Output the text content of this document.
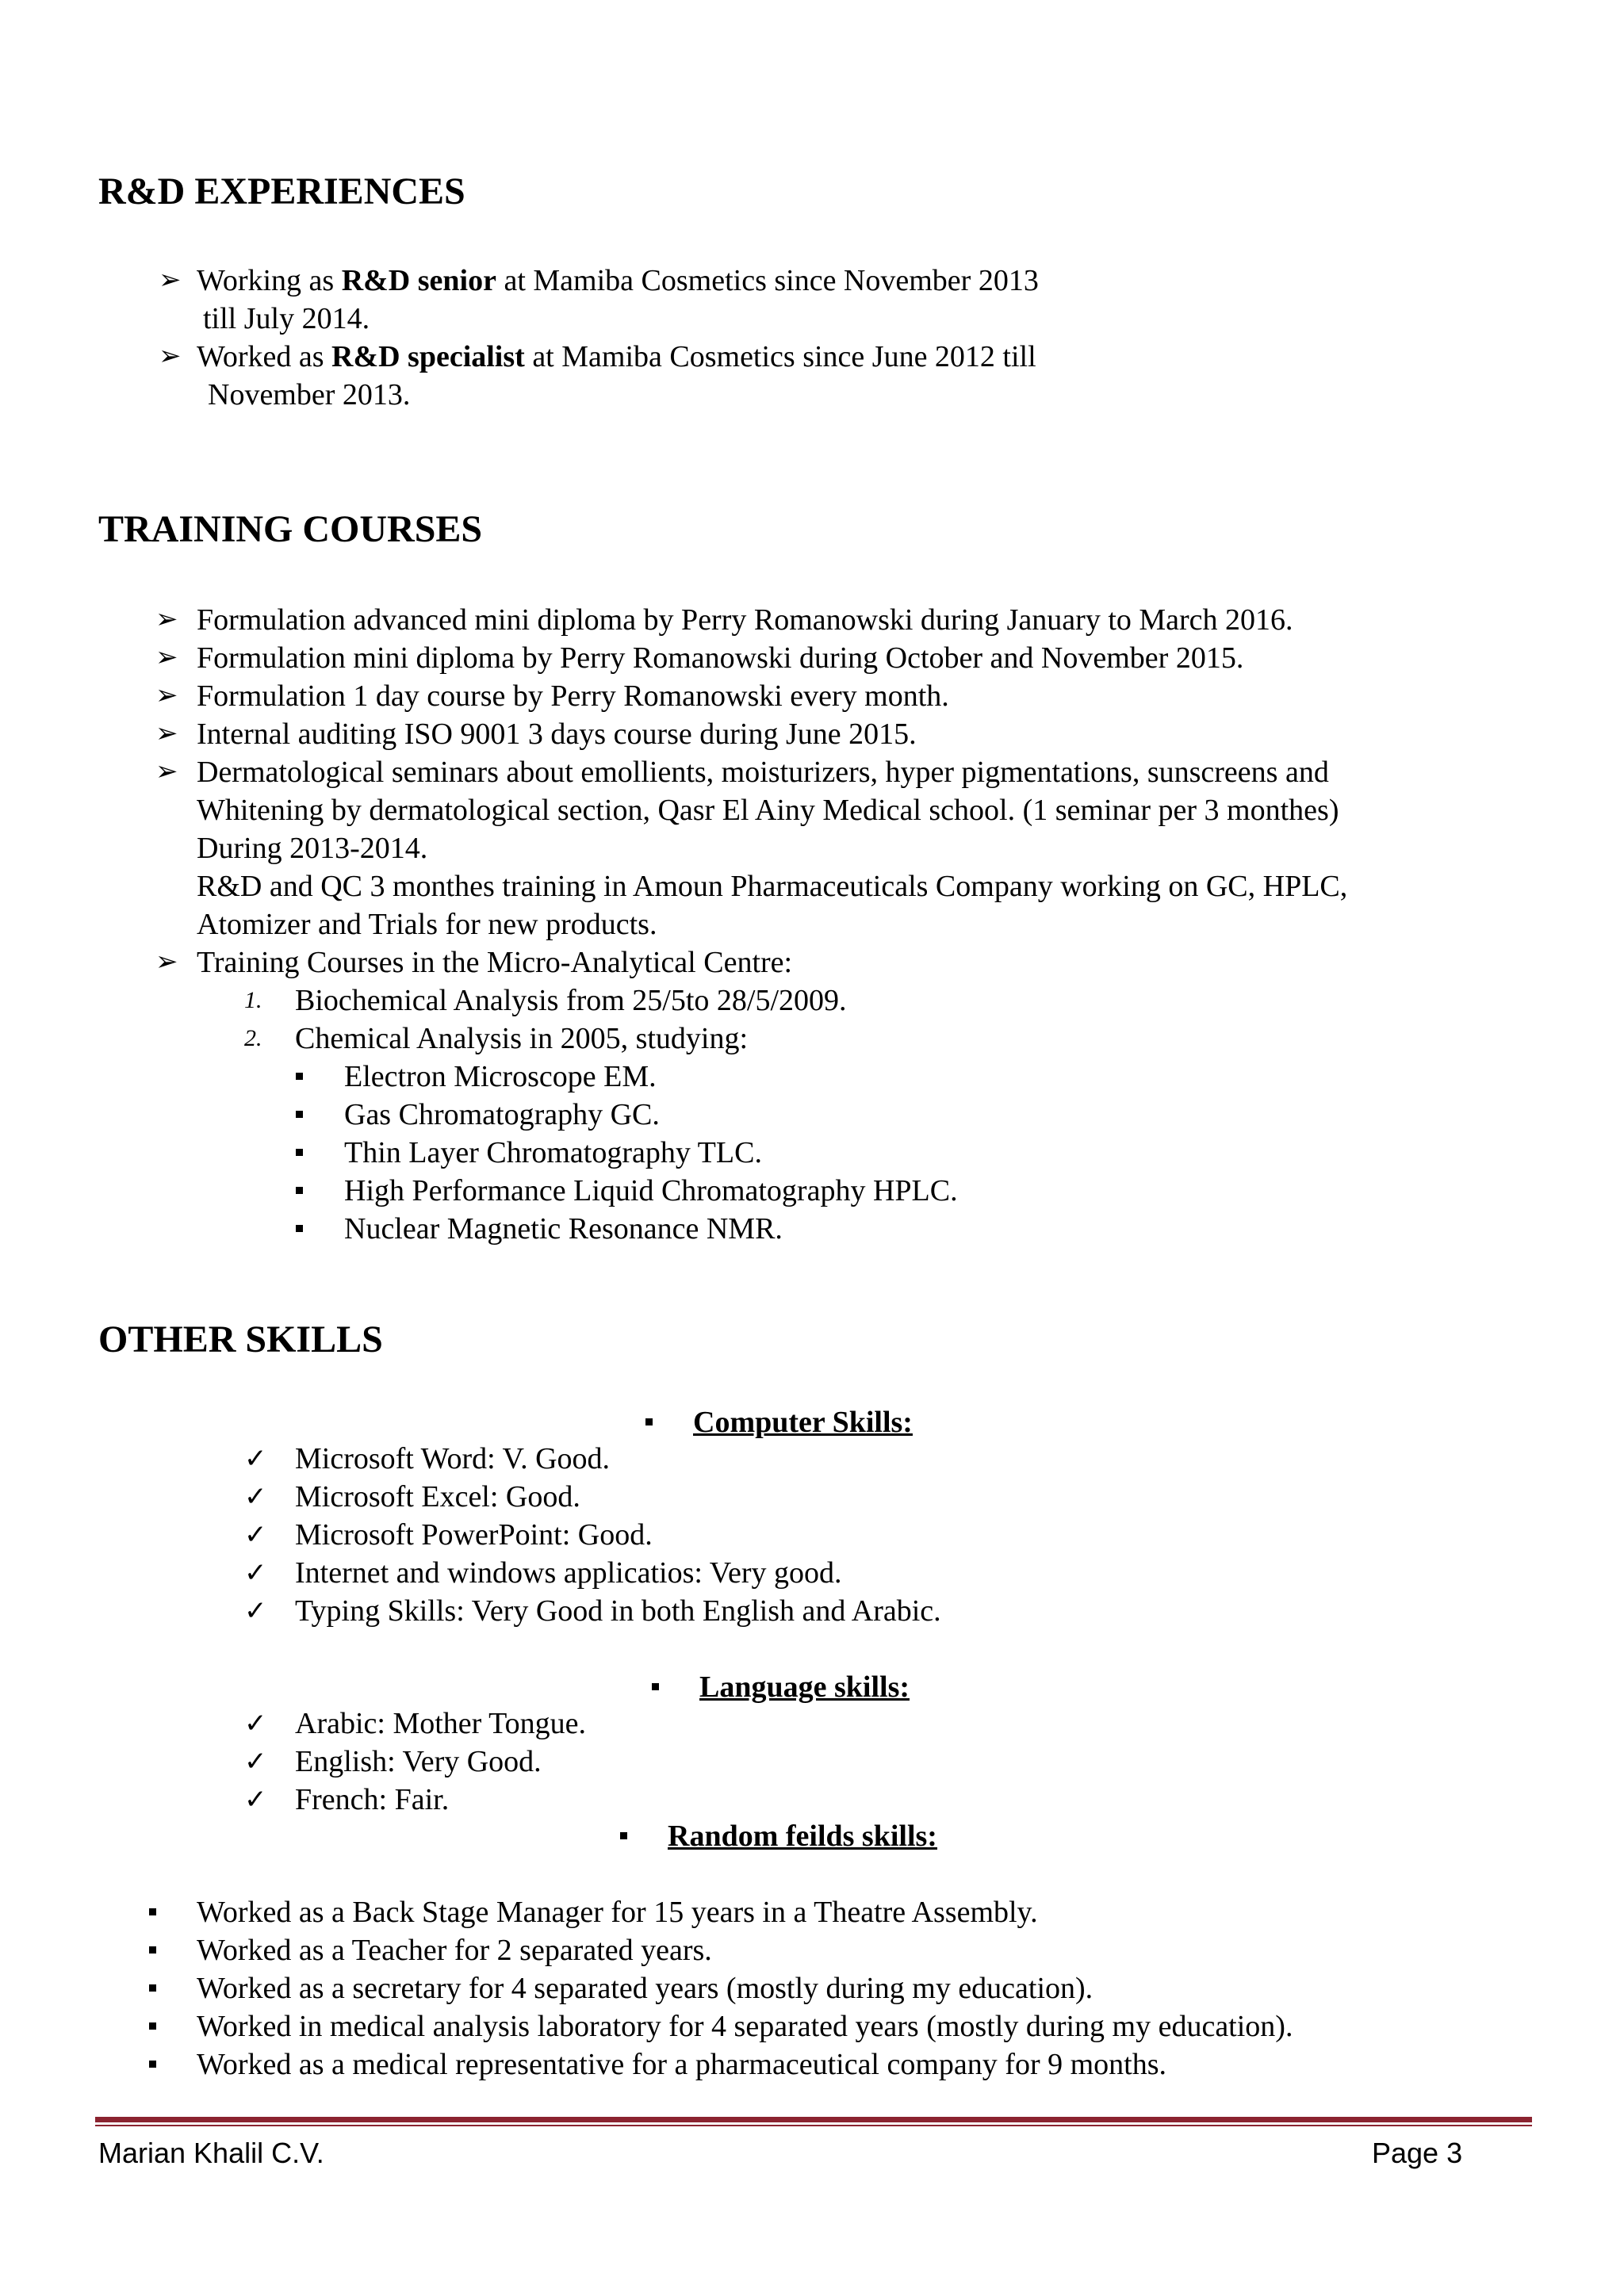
R&D EXPERIENCES
➢ Working as R&D senior at Mamiba Cosmetics since November 2013
till July 2014.
➢ Worked as R&D specialist at Mamiba Cosmetics since June 2012 till
November 2013.
TRAINING COURSES
➢ Formulation advanced mini diploma by Perry Romanowski during January to March 2016.
➢ Formulation mini diploma by Perry Romanowski during October and November 2015.
➢ Formulation 1 day course by Perry Romanowski every month.
➢ Internal auditing ISO 9001 3 days course during June 2015.
➢ Dermatological seminars about emollients, moisturizers, hyper pigmentations, sunscreens and
Whitening by dermatological section, Qasr El Ainy Medical school. (1 seminar per 3 monthes)
During 2013-2014.
R&D and QC 3 monthes training in Amoun Pharmaceuticals Company working on GC, HPLC,
Atomizer and Trials for new products.
➢ Training Courses in the Micro-Analytical Centre:
1. Biochemical Analysis from 25/5to 28/5/2009.
2. Chemical Analysis in 2005, studying:
Electron Microscope EM.
Gas Chromatography GC.
Thin Layer Chromatography TLC.
High Performance Liquid Chromatography HPLC.
Nuclear Magnetic Resonance NMR.
OTHER SKILLS
Computer Skills:
✓ Microsoft Word: V. Good.
✓ Microsoft Excel: Good.
✓ Microsoft PowerPoint: Good.
✓ Internet and windows applicatios: Very good.
✓ Typing Skills: Very Good in both English and Arabic.
Language skills:
✓ Arabic: Mother Tongue.
✓ English: Very Good.
✓ French: Fair.
Random feilds skills:
Worked as a Back Stage Manager for 15 years in a Theatre Assembly.
Worked as a Teacher for 2 separated years.
Worked as a secretary for 4 separated years (mostly during my education).
Worked in medical analysis laboratory for 4 separated years (mostly during my education).
Worked as a medical representative for a pharmaceutical company for 9 months.
Marian Khalil C.V.	Page 3
